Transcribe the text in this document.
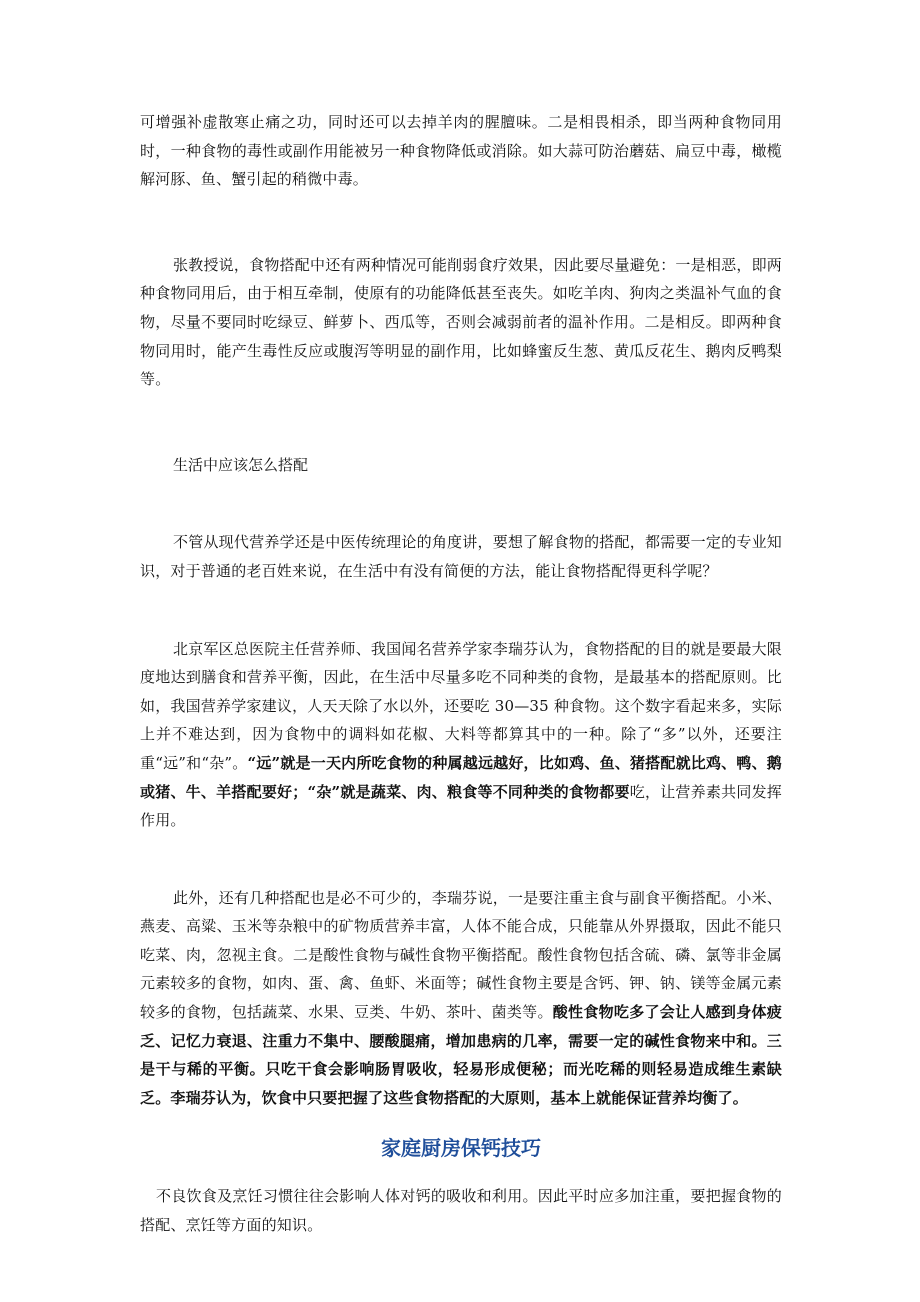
可增强补虚散寒止痛之功，同时还可以去掉羊肉的腥膻味。二是相畏相杀，即当两种食物同用时，一种食物的毒性或副作用能被另一种食物降低或消除。如大蒜可防治蘑菇、扁豆中毒，橄榄解河豚、鱼、蟹引起的稍微中毒。

张教授说，食物搭配中还有两种情况可能削弱食疗效果，因此要尽量避免：一是相恶，即两种食物同用后，由于相互牵制，使原有的功能降低甚至丧失。如吃羊肉、狗肉之类温补气血的食物，尽量不要同时吃绿豆、鲜萝卜、西瓜等，否则会减弱前者的温补作用。二是相反。即两种食物同用时，能产生毒性反应或腹泻等明显的副作用，比如蜂蜜反生葱、黄瓜反花生、鹅肉反鸭梨等。

生活中应该怎么搭配

不管从现代营养学还是中医传统理论的角度讲，要想了解食物的搭配，都需要一定的专业知识，对于普通的老百姓来说，在生活中有没有简便的方法，能让食物搭配得更科学呢？

北京军区总医院主任营养师、我国闻名营养学家李瑞芬认为，食物搭配的目的就是要最大限度地达到膳食和营养平衡，因此，在生活中尽量多吃不同种类的食物，是最基本的搭配原则。比如，我国营养学家建议，人天天除了水以外，还要吃 30—35 种食物。这个数字看起来多，实际上并不难达到，因为食物中的调料如花椒、大料等都算其中的一种。除了“多”以外，还要注重“远”和“杂”。“远”就是一天内所吃食物的种属越远越好，比如鸡、鱼、猪搭配就比鸡、鸭、鹅或猪、牛、羊搭配要好；“杂”就是蔬菜、肉、粮食等不同种类的食物都要吃，让营养素共同发挥作用。

此外，还有几种搭配也是必不可少的，李瑞芬说，一是要注重主食与副食平衡搭配。小米、燕麦、高粱、玉米等杂粮中的矿物质营养丰富，人体不能合成，只能靠从外界摄取，因此不能只吃菜、肉，忽视主食。二是酸性食物与碱性食物平衡搭配。酸性食物包括含硫、磷、氯等非金属元素较多的食物，如肉、蛋、禽、鱼虾、米面等；碱性食物主要是含钙、钾、钠、镁等金属元素较多的食物，包括蔬菜、水果、豆类、牛奶、茶叶、菌类等。酸性食物吃多了会让人感到身体疲乏、记忆力衰退、注重力不集中、腰酸腿痛，增加患病的几率，需要一定的碱性食物来中和。三是干与稀的平衡。只吃干食会影响肠胃吸收，轻易形成便秘；而光吃稀的则轻易造成维生素缺乏。李瑞芬认为，饮食中只要把握了这些食物搭配的大原则，基本上就能保证营养均衡了。

家庭厨房保钙技巧

不良饮食及烹饪习惯往往会影响人体对钙的吸收和利用。因此平时应多加注重，要把握食物的搭配、烹饪等方面的知识。
